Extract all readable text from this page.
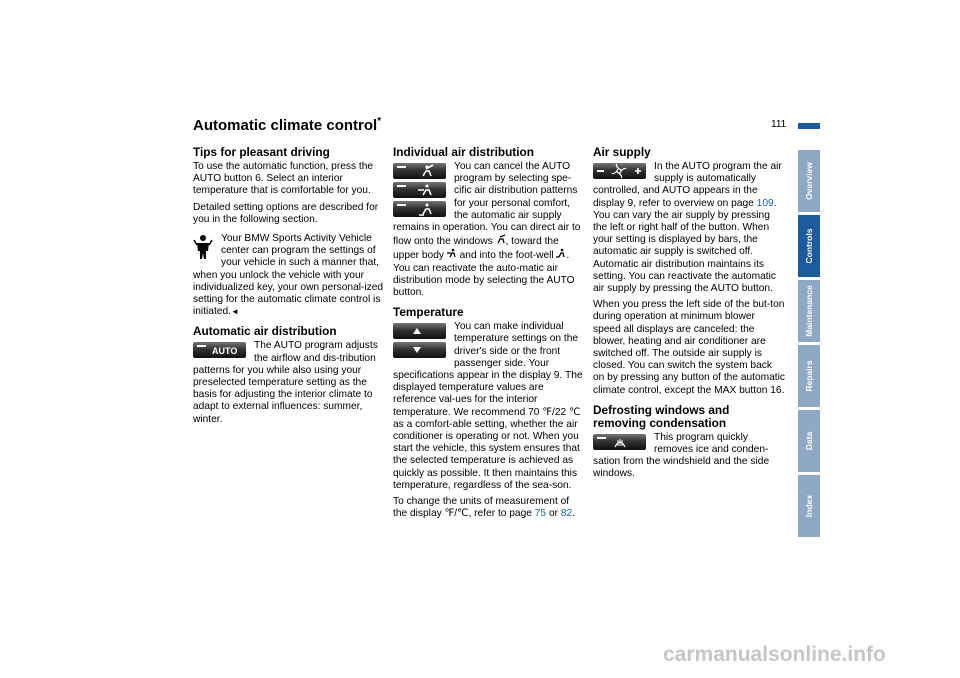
Automatic climate control*	111
Tips for pleasant driving

To use the automatic function, press the AUTO button 6. Select an interior temperature that is comfortable for you.

Detailed setting options are described for you in the following section.

Your BMW Sports Activity Vehicle center can program the settings of your vehicle in such a manner that, when you unlock the vehicle with your individualized key, your own personal-ized setting for the automatic climate control is initiated.◄

Automatic air distribution

AUTO The AUTO program adjusts the airflow and dis-tribution patterns for you while also using your preselected temperature setting as the basis for adjusting the interior climate to adapt to external influences: summer, winter.

Individual air distribution

You can cancel the AUTO program by selecting spe-cific air distribution patterns for your personal comfort, the automatic air supply remains in operation. You can direct air to flow onto the windows , toward the upper body  and into the foot-well . You can reactivate the auto-matic air distribution mode by selecting the AUTO button.

Temperature

You can make individual temperature settings on the driver's side or the front passenger side. Your specifications appear in the display 9. The displayed temperature values are reference val-ues for the interior temperature. We recommend 70 ℉/22 ℃ as a comfort-able setting, whether the air conditioner is operating or not. When you start the vehicle, this system ensures that the selected temperature is achieved as quickly as possible. It then maintains this temperature, regardless of the sea-son.

To change the units of measurement of the display ℉/℃, refer to page 75 or 82.

Air supply

In the AUTO program the air supply is automatically controlled, and AUTO appears in the display 9, refer to overview on page 109. You can vary the air supply by pressing the left or right half of the button. When your setting is displayed by bars, the automatic air supply is switched off. Automatic air distribution maintains its setting. You can reactivate the automatic air supply by pressing the AUTO button.

When you press the left side of the but-ton during operation at minimum blower speed all displays are canceled: the blower, heating and air conditioner are switched off. The outside air supply is closed. You can switch the system back on by pressing any button of the automatic climate control, except the MAX button 16.

Defrosting windows and removing condensation

This program quickly removes ice and conden-sation from the windshield and the side windows.

Overview
Controls
Maintenance
Repairs
Data
Index
carmanualsonline.info
